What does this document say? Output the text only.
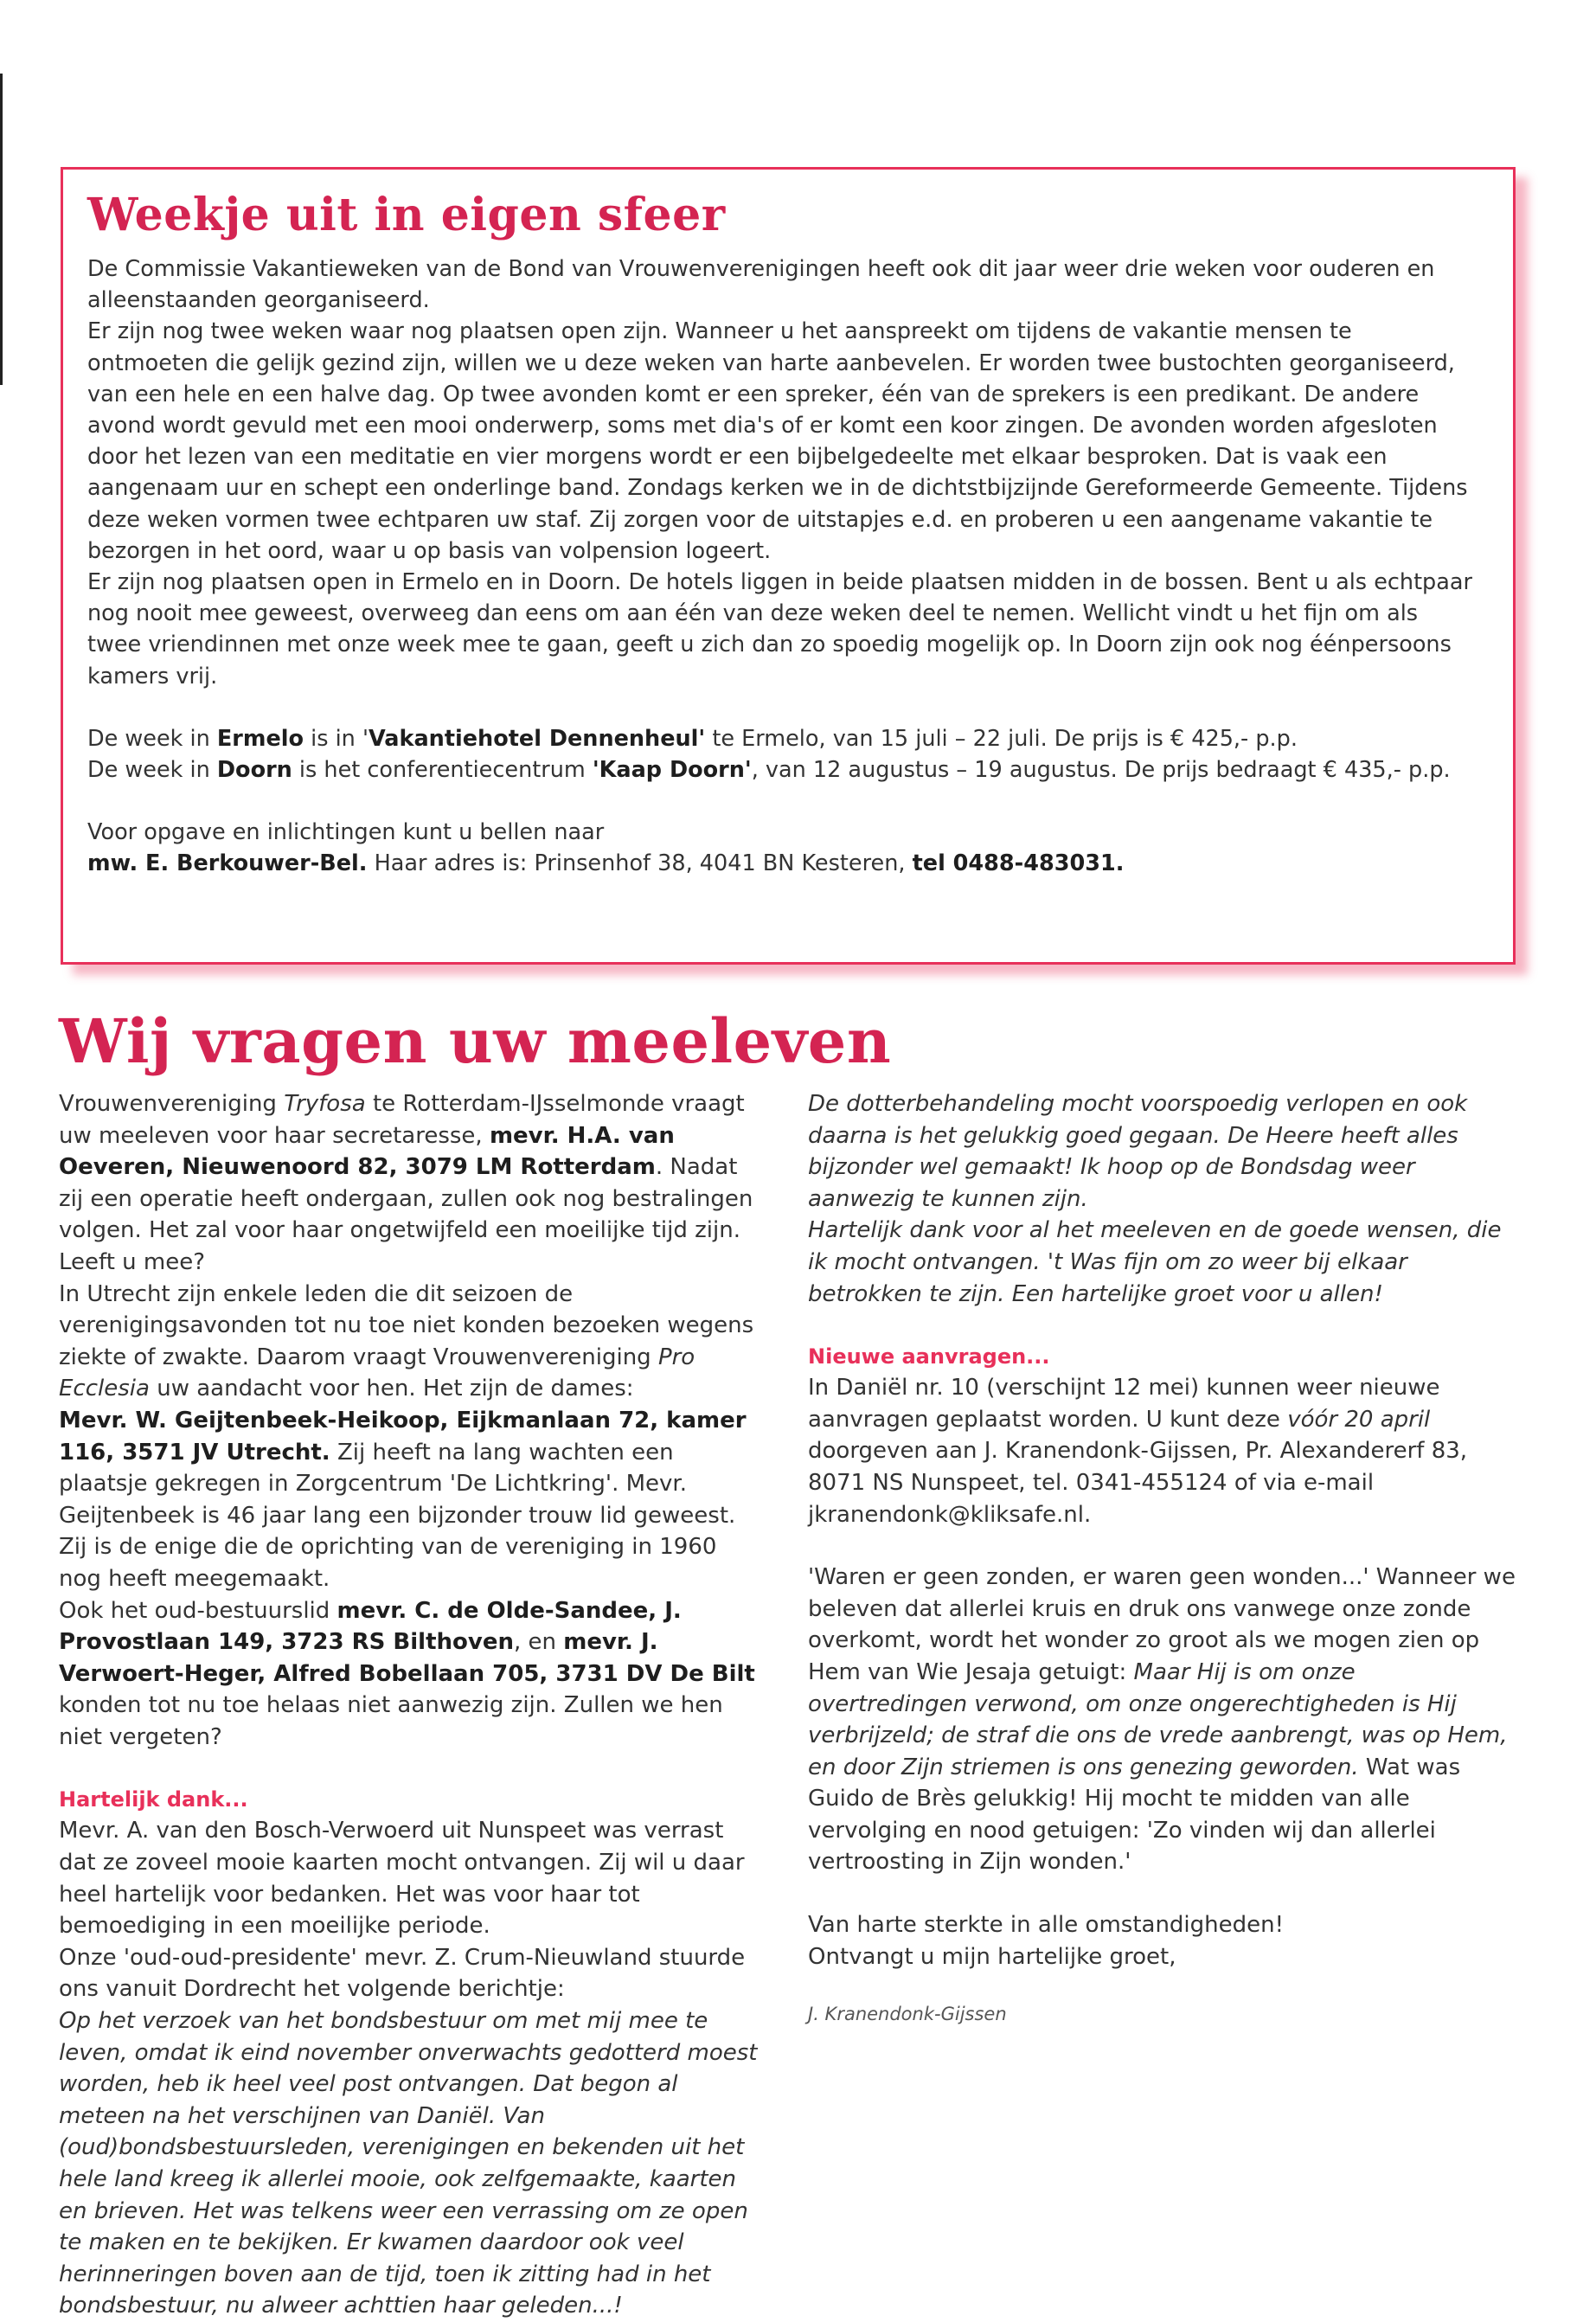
Weekje uit in eigen sfeer

De Commissie Vakantieweken van de Bond van Vrouwenverenigingen heeft ook dit jaar weer drie weken voor ouderen en alleenstaanden georganiseerd.

Er zijn nog twee weken waar nog plaatsen open zijn. Wanneer u het aanspreekt om tijdens de vakantie mensen te ontmoeten die gelijk gezind zijn, willen we u deze weken van harte aanbevelen. Er worden twee bustochten georganiseerd, van een hele en een halve dag. Op twee avonden komt er een spreker, één van de sprekers is een predikant. De andere avond wordt gevuld met een mooi onderwerp, soms met dia's of er komt een koor zingen. De avonden worden afgesloten door het lezen van een meditatie en vier morgens wordt er een bijbelgedeelte met elkaar besproken. Dat is vaak een aangenaam uur en schept een onderlinge band. Zondags kerken we in de dichtstbijzijnde Gereformeerde Gemeente. Tijdens deze weken vormen twee echtparen uw staf. Zij zorgen voor de uitstapjes e.d. en proberen u een aangename vakantie te bezorgen in het oord, waar u op basis van volpension logeert.

Er zijn nog plaatsen open in Ermelo en in Doorn. De hotels liggen in beide plaatsen midden in de bossen. Bent u als echtpaar nog nooit mee geweest, overweeg dan eens om aan één van deze weken deel te nemen. Wellicht vindt u het fijn om als twee vriendinnen met onze week mee te gaan, geeft u zich dan zo spoedig mogelijk op. In Doorn zijn ook nog éénpersoons kamers vrij.

De week in Ermelo is in 'Vakantiehotel Dennenheul' te Ermelo, van 15 juli – 22 juli. De prijs is € 425,- p.p.

De week in Doorn is het conferentiecentrum 'Kaap Doorn', van 12 augustus – 19 augustus. De prijs bedraagt € 435,- p.p.

Voor opgave en inlichtingen kunt u bellen naar

mw. E. Berkouwer-Bel. Haar adres is: Prinsenhof 38, 4041 BN Kesteren, tel 0488-483031.

Wij vragen uw meeleven

Vrouwenvereniging Tryfosa te Rotterdam-IJsselmonde vraagt uw meeleven voor haar secretaresse, mevr. H.A. van Oeveren, Nieuwenoord 82, 3079 LM Rotterdam. Nadat zij een operatie heeft ondergaan, zullen ook nog bestralingen volgen. Het zal voor haar ongetwijfeld een moeilijke tijd zijn. Leeft u mee?

In Utrecht zijn enkele leden die dit seizoen de verenigingsavonden tot nu toe niet konden bezoeken wegens ziekte of zwakte. Daarom vraagt Vrouwenvereniging Pro Ecclesia uw aandacht voor hen. Het zijn de dames:

Mevr. W. Geijtenbeek-Heikoop, Eijkmanlaan 72, kamer 116, 3571 JV Utrecht. Zij heeft na lang wachten een plaatsje gekregen in Zorgcentrum 'De Lichtkring'. Mevr. Geijtenbeek is 46 jaar lang een bijzonder trouw lid geweest. Zij is de enige die de oprichting van de vereniging in 1960 nog heeft meegemaakt.

Ook het oud-bestuurslid mevr. C. de Olde-Sandee, J. Provostlaan 149, 3723 RS Bilthoven, en mevr. J. Verwoert-Heger, Alfred Bobellaan 705, 3731 DV De Bilt konden tot nu toe helaas niet aanwezig zijn. Zullen we hen niet vergeten?

Hartelijk dank...

Mevr. A. van den Bosch-Verwoerd uit Nunspeet was verrast dat ze zoveel mooie kaarten mocht ontvangen. Zij wil u daar heel hartelijk voor bedanken. Het was voor haar tot bemoediging in een moeilijke periode.

Onze 'oud-oud-presidente' mevr. Z. Crum-Nieuwland stuurde ons vanuit Dordrecht het volgende berichtje:

Op het verzoek van het bondsbestuur om met mij mee te leven, omdat ik eind november onverwachts gedotterd moest worden, heb ik heel veel post ontvangen. Dat begon al meteen na het verschijnen van Daniël. Van (oud)bondsbestuursleden, verenigingen en bekenden uit het hele land kreeg ik allerlei mooie, ook zelfgemaakte, kaarten en brieven. Het was telkens weer een verrassing om ze open te maken en te bekijken. Er kwamen daardoor ook veel herinneringen boven aan de tijd, toen ik zitting had in het bondsbestuur, nu alweer achttien haar geleden...!

De dotterbehandeling mocht voorspoedig verlopen en ook daarna is het gelukkig goed gegaan. De Heere heeft alles bijzonder wel gemaakt! Ik hoop op de Bondsdag weer aanwezig te kunnen zijn.

Hartelijk dank voor al het meeleven en de goede wensen, die ik mocht ontvangen. 't Was fijn om zo weer bij elkaar betrokken te zijn. Een hartelijke groet voor u allen!

Nieuwe aanvragen...

In Daniël nr. 10 (verschijnt 12 mei) kunnen weer nieuwe aanvragen geplaatst worden. U kunt deze vóór 20 april doorgeven aan J. Kranendonk-Gijssen, Pr. Alexandererf 83, 8071 NS Nunspeet, tel. 0341-455124 of via e-mail jkranendonk@kliksafe.nl.

'Waren er geen zonden, er waren geen wonden...' Wanneer we beleven dat allerlei kruis en druk ons vanwege onze zonde overkomt, wordt het wonder zo groot als we mogen zien op Hem van Wie Jesaja getuigt: Maar Hij is om onze overtredingen verwond, om onze ongerechtigheden is Hij verbrijzeld; de straf die ons de vrede aanbrengt, was op Hem, en door Zijn striemen is ons genezing geworden. Wat was Guido de Brès gelukkig! Hij mocht te midden van alle vervolging en nood getuigen: 'Zo vinden wij dan allerlei vertroosting in Zijn wonden.'

Van harte sterkte in alle omstandigheden!

Ontvangt u mijn hartelijke groet,

J. Kranendonk-Gijssen
